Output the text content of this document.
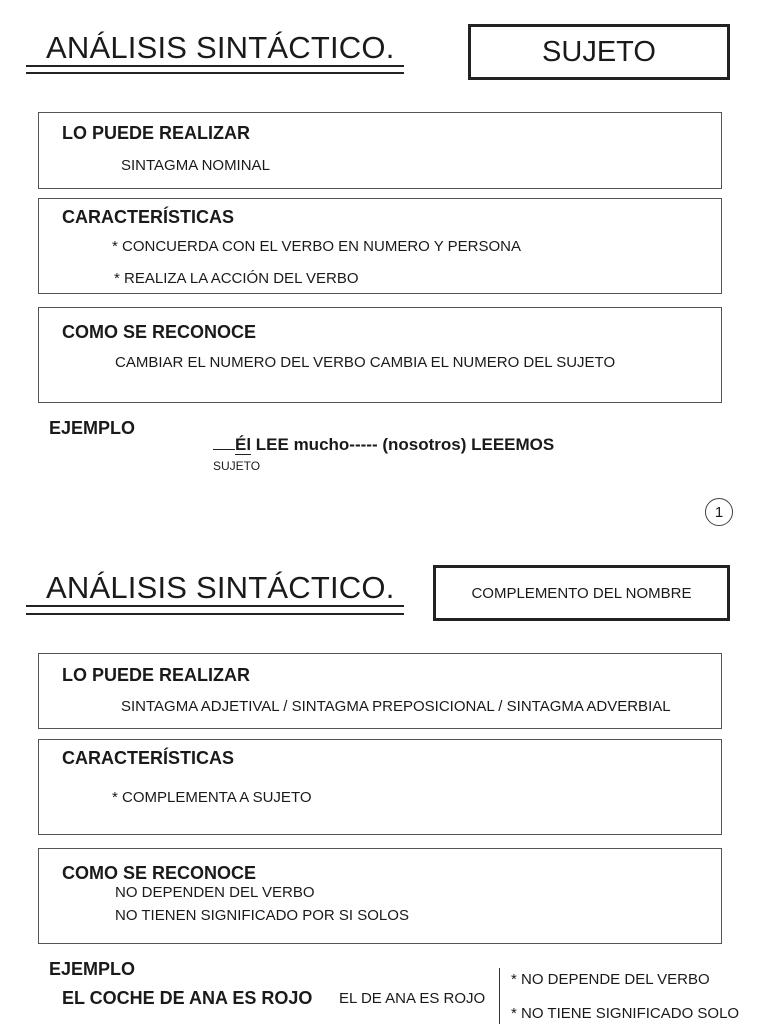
ANÁLISIS SINTÁCTICO.	SUJETO
LO PUEDE REALIZAR
SINTAGMA NOMINAL
CARACTERÍSTICAS
* CONCUERDA CON EL VERBO EN NUMERO Y PERSONA
* REALIZA LA ACCIÓN DEL VERBO
COMO SE RECONOCE
CAMBIAR EL NUMERO DEL VERBO CAMBIA EL NUMERO DEL SUJETO
EJEMPLO
Él LEE mucho----- (nosotros) LEEEMOS
SUJETO
1
ANÁLISIS SINTÁCTICO.	COMPLEMENTO DEL NOMBRE
LO PUEDE REALIZAR
SINTAGMA ADJETIVAL / SINTAGMA PREPOSICIONAL / SINTAGMA ADVERBIAL
CARACTERÍSTICAS
* COMPLEMENTA A SUJETO
COMO SE RECONOCE
NO DEPENDEN DEL VERBO
NO TIENEN SIGNIFICADO POR SI SOLOS
EJEMPLO
EL COCHE DE ANA ES ROJO EL DE ANA ES ROJO
* NO DEPENDE DEL VERBO
* NO TIENE SIGNIFICADO SOLO
